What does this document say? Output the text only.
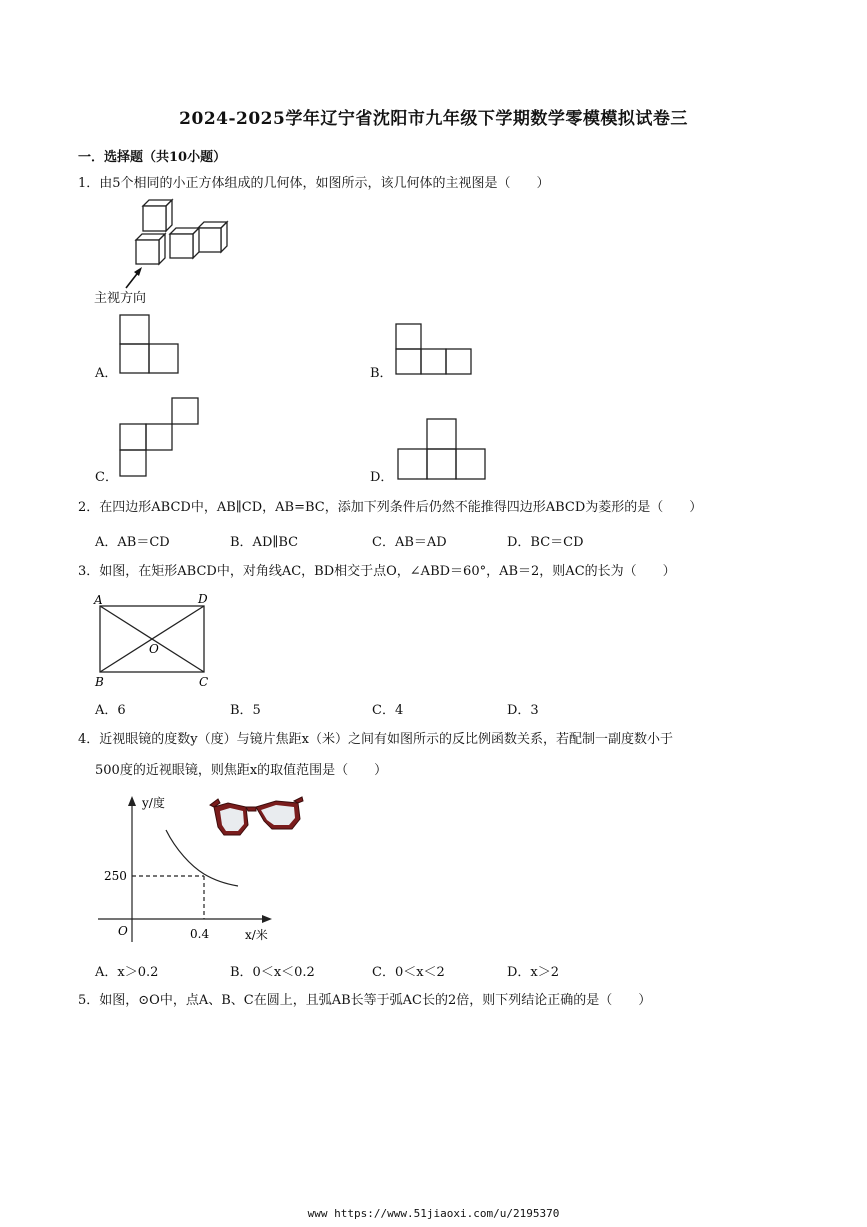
2024-2025学年辽宁省沈阳市九年级下学期数学零模模拟试卷三
一．选择题（共10小题）
1．由5个相同的小正方体组成的几何体，如图所示，该几何体的主视图是（　　）
主视方向
A．	B．
C．	D．
2．在四边形ABCD中，AB∥CD，AB=BC，添加下列条件后仍然不能推得四边形ABCD为菱形的是（　　）
A．AB＝CD	B．AD∥BC	C．AB＝AD	D．BC＝CD
3．如图，在矩形ABCD中，对角线AC，BD相交于点O，∠ABD＝60°，AB＝2，则AC的长为（　　）
A	D
O
B	C
A．6	B．5	C．4	D．3
4．近视眼镜的度数y（度）与镜片焦距x（米）之间有如图所示的反比例函数关系，若配制一副度数小于
500度的近视眼镜，则焦距x的取值范围是（　　）
y/度
x/米
O
250
0.4
A．x＞0.2	B．0＜x＜0.2	C．0＜x＜2	D．x＞2
5．如图，⊙O中，点A、B、C在圆上，且弧AB长等于弧AC长的2倍，则下列结论正确的是（　　）
www https://www.51jiaoxi.com/u/2195370
